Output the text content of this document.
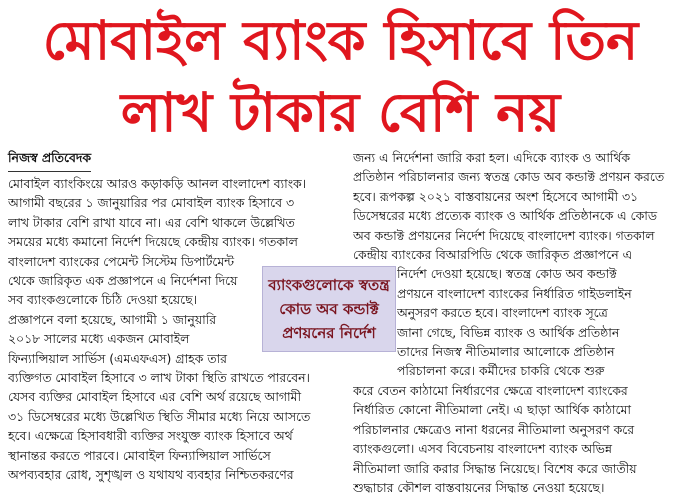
মোবাইল ব্যাংক হিসাবে তিন
লাখ টাকার বেশি নয়
নিজস্ব প্রতিবেদক
মোবাইল ব্যাংকিংয়ে আরও কড়াকড়ি আনল বাংলাদেশ ব্যাংক।
আগামী বছরের ১ জানুয়ারির পর মোবাইল ব্যাংক হিসাবে ৩
লাখ টাকার বেশি রাখা যাবে না। এর বেশি থাকলে উল্লেখিত
সময়ের মধ্যে কমানো নির্দেশ দিয়েছে কেন্দ্রীয় ব্যাংক। গতকাল
বাংলাদেশ ব্যাংকের পেমেন্ট সিস্টেম ডিপার্টমেন্ট
থেকে জারিকৃত এক প্রজ্ঞাপনে এ নির্দেশনা দিয়ে
সব ব্যাংকগুলোকে চিঠি দেওয়া হয়েছে।
প্রজ্ঞাপনে বলা হয়েছে, আগামী ১ জানুয়ারি
২০১৮ সালের মধ্যে একজন মোবাইল
ফিন্যান্সিয়াল সার্ভিস (এমএফএস) গ্রাহক তার
ব্যক্তিগত মোবাইল হিসাবে ৩ লাখ টাকা স্থিতি রাখতে পারবেন।
যেসব ব্যক্তির মোবাইল হিসাবে এর বেশি অর্থ রয়েছে আগামী
৩১ ডিসেম্বরের মধ্যে উল্লেখিত স্থিতি সীমার মধ্যে নিয়ে আসতে
হবে। এক্ষেত্রে হিসাবধারী ব্যক্তির সংযুক্ত ব্যাংক হিসাবে অর্থ
স্থানান্তর করতে পারবে। মোবাইল ফিন্যান্সিয়াল সার্ভিসে
অপব্যবহার রোধ, সুশৃঙ্খল ও যথাযথ ব্যবহার নিশ্চিতকরণের
জন্য এ নির্দেশনা জারি করা হল। এদিকে ব্যাংক ও আর্থিক
প্রতিষ্ঠান পরিচালনার জন্য স্বতন্ত্র কোড অব কন্ডাক্ট প্রণয়ন করতে
হবে। রূপকল্প ২০২১ বাস্তবায়নের অংশ হিসেবে আগামী ৩১
ডিসেম্বরের মধ্যে প্রত্যেক ব্যাংক ও আর্থিক প্রতিষ্ঠানকে এ কোড
অব কন্ডাক্ট প্রণয়নের নির্দেশ দিয়েছে বাংলাদেশ ব্যাংক। গতকাল
কেন্দ্রীয় ব্যাংকের বিআরপিডি থেকে জারিকৃত প্রজ্ঞাপনে এ
নির্দেশ দেওয়া হয়েছে। স্বতন্ত্র কোড অব কন্ডাক্ট
প্রণয়নে বাংলাদেশ ব্যাংকের নির্ধারিত গাইডলাইন
অনুসরণ করতে হবে। বাংলাদেশ ব্যাংক সূত্রে
জানা গেছে, বিভিন্ন ব্যাংক ও আর্থিক প্রতিষ্ঠান
তাদের নিজস্ব নীতিমালার আলোকে প্রতিষ্ঠান
পরিচালনা করে। কর্মীদের চাকরি থেকে শুরু
করে বেতন কাঠামো নির্ধারণের ক্ষেত্রে বাংলাদেশ ব্যাংকের
নির্ধারিত কোনো নীতিমালা নেই। এ ছাড়া আর্থিক কাঠামো
পরিচালনার ক্ষেত্রেও নানা ধরনের নীতিমালা অনুসরণ করে
ব্যাংকগুলো। এসব বিবেচনায় বাংলাদেশ ব্যাংক অভিন্ন
নীতিমালা জারি করার সিদ্ধান্ত নিয়েছে। বিশেষ করে জাতীয়
শুদ্ধাচার কৌশল বাস্তবায়নের সিদ্ধান্ত নেওয়া হয়েছে।
ব্যাংকগুলোকে স্বতন্ত্র
কোড অব কন্ডাক্ট
প্রণয়নের নির্দেশ
